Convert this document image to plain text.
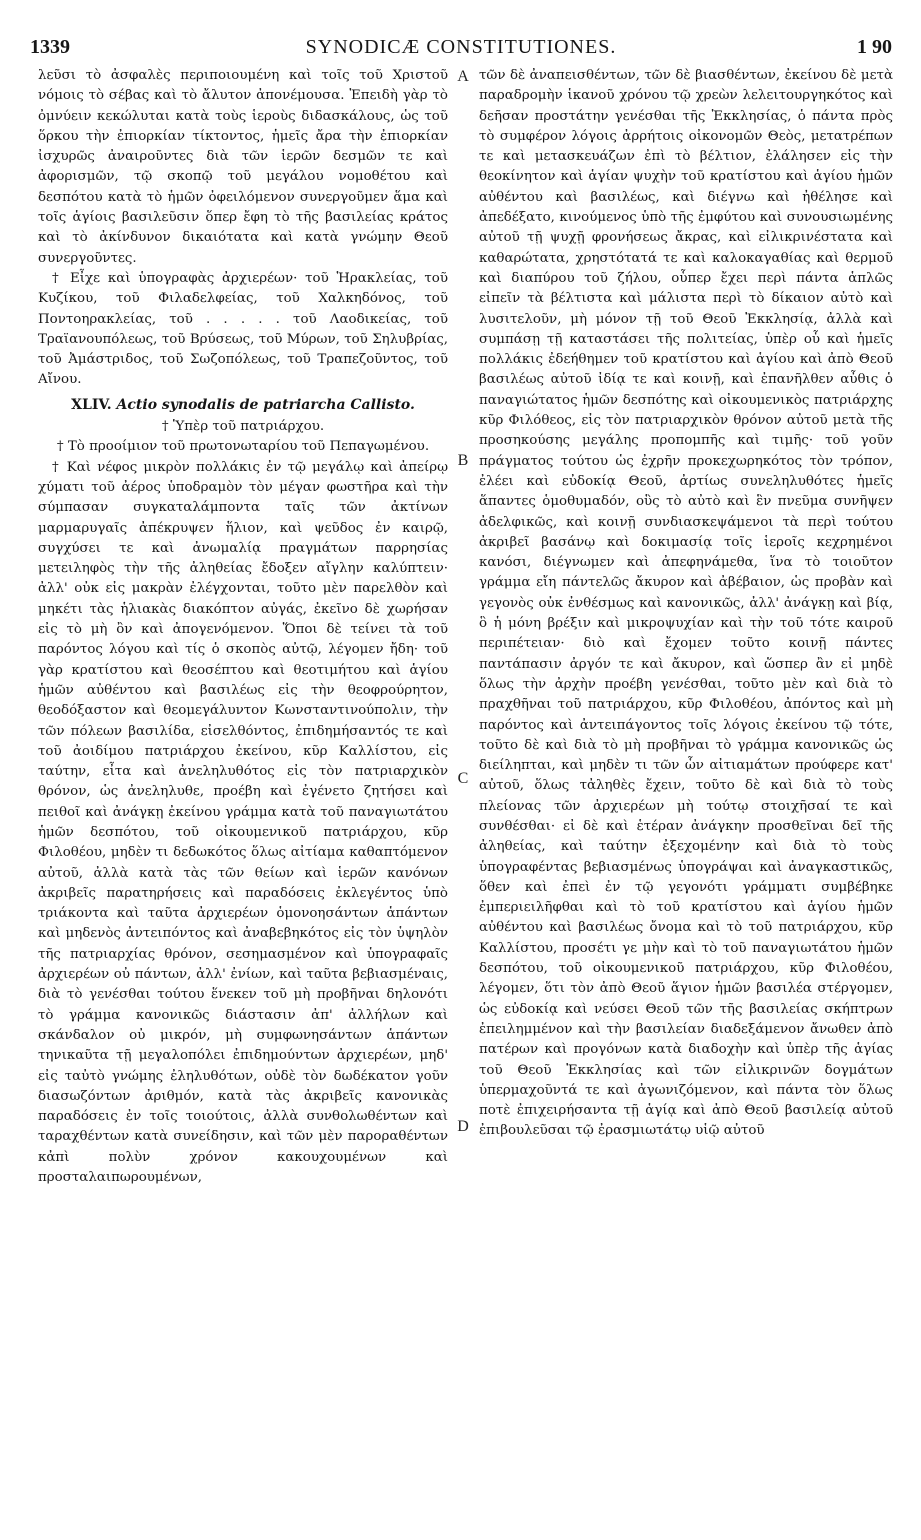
1339	SYNODICÆ CONSTITUTIONES.	1 90

λεῦσι τὸ ἀσφαλὲς περιποιουμένη καὶ τοῖς τοῦ Χριστοῦ νόμοις τὸ σέβας καὶ τὸ ἄλυτον ἀπονέμουσα. Ἐπειδὴ γὰρ τὸ ὀμνύειν κεκώλυται κατὰ τοὺς ἱεροὺς διδασκάλους, ὡς τοῦ ὅρκου τὴν ἐπιορκίαν τίκτοντος, ἡμεῖς ἄρα τὴν ἐπιορκίαν ἰσχυρῶς ἀναιροῦντες διὰ τῶν ἱερῶν δεσμῶν τε καὶ ἀφορισμῶν, τῷ σκοπῷ τοῦ μεγάλου νομοθέτου καὶ δεσπότου κατὰ τὸ ἡμῶν ὀφειλόμενον συνεργοῦμεν ἅμα καὶ τοῖς ἁγίοις βασιλεῦσιν ὅπερ ἔφη τὸ τῆς βασιλείας κράτος καὶ τὸ ἀκίνδυνον δικαιότατα καὶ κατὰ γνώμην Θεοῦ συνεργοῦντες.

† Εἶχε καὶ ὑπογραφὰς ἀρχιερέων· τοῦ Ἡρακλείας, τοῦ Κυζίκου, τοῦ Φιλαδελφείας, τοῦ Χαλκηδόνος, τοῦ Ποντοηρακλείας, τοῦ . . . . . τοῦ Λαοδικείας, τοῦ Τραϊανουπόλεως, τοῦ Βρύσεως, τοῦ Μύρων, τοῦ Σηλυβρίας, τοῦ Ἀμάστριδος, τοῦ Σωζοπόλεως, τοῦ Τραπεζοῦντος, τοῦ Αἴνου.

XLIV. Actio synodalis de patriarcha Callisto.
† Ὑπὲρ τοῦ πατριάρχου.
† Τὸ προοίμιον τοῦ πρωτονωταρίου τοῦ Πεπαγωμένου.

† Καὶ νέφος μικρὸν πολλάκις ἐν τῷ μεγάλῳ καὶ ἀπείρῳ χύματι τοῦ ἀέρος ὑποδραμὸν τὸν μέγαν φωστῆρα καὶ τὴν σύμπασαν συγκαταλάμποντα ταῖς τῶν ἀκτίνων μαρμαρυγαῖς ἀπέκρυψεν ἥλιον, καὶ ψεῦδος ἐν καιρῷ, συγχύσει τε καὶ ἀνωμαλίᾳ πραγμάτων παρρησίας μετειληφὸς τὴν τῆς ἀληθείας ἔδοξεν αἴγλην καλύπτειν· ἀλλ' οὐκ εἰς μακρὰν ἐλέγχονται, τοῦτο μὲν παρελθὸν καὶ μηκέτι τὰς ἡλιακὰς διακόπτον αὐγάς, ἐκεῖνο δὲ χωρήσαν εἰς τὸ μὴ ὂν καὶ ἀπογενόμενον. Ὅποι δὲ τείνει τὰ τοῦ παρόντος λόγου καὶ τίς ὁ σκοπὸς αὐτῷ, λέγομεν ἤδη· τοῦ γὰρ κρατίστου καὶ θεοσέπτου καὶ θεοτιμήτου καὶ ἁγίου ἡμῶν αὐθέντου καὶ βασιλέως εἰς τὴν θεοφρούρητον, θεοδόξαστον καὶ θεομεγάλυντον Κωνσταντινούπολιν, τὴν τῶν πόλεων βασιλίδα, εἰσελθόντος, ἐπιδημήσαντός τε καὶ τοῦ ἀοιδίμου πατριάρχου ἐκείνου, κῦρ Καλλίστου, εἰς ταύτην, εἶτα καὶ ἀνεληλυθότος εἰς τὸν πατριαρχικὸν θρόνον, ὡς ἀνεληλυθε, προέβη καὶ ἐγένετο ζητήσει καὶ πειθοῖ καὶ ἀνάγκῃ ἐκείνου γράμμα κατὰ τοῦ παναγιωτάτου ἡμῶν δεσπότου, τοῦ οἰκουμενικοῦ πατριάρχου, κῦρ Φιλοθέου, μηδὲν τι δεδωκότος ὅλως αἰτίαμα καθαπτόμενον αὐτοῦ, ἀλλὰ κατὰ τὰς τῶν θείων καὶ ἱερῶν κανόνων ἀκριβεῖς παρατηρήσεις καὶ παραδόσεις ἐκλεγέντος ὑπὸ τριάκοντα καὶ ταῦτα ἀρχιερέων ὁμονοησάντων ἁπάντων καὶ μηδενὸς ἀντειπόντος καὶ ἀναβεβηκότος εἰς τὸν ὑψηλὸν τῆς πατριαρχίας θρόνον, σεσημασμένον καὶ ὑπογραφαῖς ἀρχιερέων οὐ πάντων, ἀλλ' ἐνίων, καὶ ταῦτα βεβιασμέναις, διὰ τὸ γενέσθαι τούτου ἕνεκεν τοῦ μὴ προβῆναι δηλονότι τὸ γράμμα κανονικῶς διάστασιν ἀπ' ἀλλήλων καὶ σκάνδαλον οὐ μικρόν, μὴ συμφωνησάντων ἁπάντων τηνικαῦτα τῇ μεγαλοπόλει ἐπιδημούντων ἀρχιερέων, μηδ' εἰς ταὐτὸ γνώμης ἐληλυθότων, οὐδὲ τὸν δωδέκατον γοῦν διασωζόντων ἀριθμόν, κατὰ τὰς ἀκριβεῖς κανονικὰς παραδόσεις ἐν τοῖς τοιούτοις, ἀλλὰ συνθολωθέντων καὶ ταραχθέντων κατὰ συνείδησιν, καὶ τῶν μὲν παροραθέντων κἀπὶ πολὺν χρόνον κακουχουμένων καὶ προσταλαιπωρουμένων,

A
B
C
D

τῶν δὲ ἀναπεισθέντων, τῶν δὲ βιασθέντων, ἐκείνου δὲ μετὰ παραδρομὴν ἱκανοῦ χρόνου τῷ χρεὼν λελειτουργηκότος καὶ δεῆσαν προστάτην γενέσθαι τῆς Ἐκκλησίας, ὁ πάντα πρὸς τὸ συμφέρον λόγοις ἀρρήτοις οἰκονομῶν Θεὸς, μετατρέπων τε καὶ μετασκευάζων ἐπὶ τὸ βέλτιον, ἐλάλησεν εἰς τὴν θεοκίνητον καὶ ἁγίαν ψυχὴν τοῦ κρατίστου καὶ ἁγίου ἡμῶν αὐθέντου καὶ βασιλέως, καὶ διέγνω καὶ ἠθέλησε καὶ ἀπεδέξατο, κινούμενος ὑπὸ τῆς ἐμφύτου καὶ συνουσιωμένης αὐτοῦ τῇ ψυχῇ φρονήσεως ἄκρας, καὶ εἰλικρινέστατα καὶ καθαρώτατα, χρηστότατά τε καὶ καλοκαγαθίας καὶ θερμοῦ καὶ διαπύρου τοῦ ζήλου, οὗπερ ἔχει περὶ πάντα ἁπλῶς εἰπεῖν τὰ βέλτιστα καὶ μάλιστα περὶ τὸ δίκαιον αὐτὸ καὶ λυσιτελοῦν, μὴ μόνον τῇ τοῦ Θεοῦ Ἐκκλησίᾳ, ἀλλὰ καὶ συμπάσῃ τῇ καταστάσει τῆς πολιτείας, ὑπὲρ οὗ καὶ ἡμεῖς πολλάκις ἐδεήθημεν τοῦ κρατίστου καὶ ἁγίου καὶ ἀπὸ Θεοῦ βασιλέως αὐτοῦ ἰδίᾳ τε καὶ κοινῇ, καὶ ἐπανῆλθεν αὖθις ὁ παναγιώτατος ἡμῶν δεσπότης καὶ οἰκουμενικὸς πατριάρχης κῦρ Φιλόθεος, εἰς τὸν πατριαρχικὸν θρόνον αὐτοῦ μετὰ τῆς προσηκούσης μεγάλης προπομπῆς καὶ τιμῆς· τοῦ γοῦν πράγματος τούτου ὡς ἐχρῆν προκεχωρηκότος τὸν τρόπον, ἐλέει καὶ εὐδοκίᾳ Θεοῦ, ἀρτίως συνεληλυθότες ἡμεῖς ἅπαντες ὁμοθυμαδόν, οὓς τὸ αὐτὸ καὶ ἓν πνεῦμα συνῆψεν ἀδελφικῶς, καὶ κοινῇ συνδιασκεψάμενοι τὰ περὶ τούτου ἀκριβεῖ βασάνῳ καὶ δοκιμασίᾳ τοῖς ἱεροῖς κεχρημένοι κανόσι, διέγνωμεν καὶ ἀπεφηνάμεθα, ἵνα τὸ τοιοῦτον γράμμα εἴη πάντελῶς ἄκυρον καὶ ἀβέβαιον, ὡς προβὰν καὶ γεγονὸς οὐκ ἐνθέσμως καὶ κανονικῶς, ἀλλ' ἀνάγκῃ καὶ βίᾳ, ὃ ἡ μόνη βρέξιν καὶ μικροψυχίαν καὶ τὴν τοῦ τότε καιροῦ περιπέτειαν· διὸ καὶ ἔχομεν τοῦτο κοινῇ πάντες παντάπασιν ἀργόν τε καὶ ἄκυρον, καὶ ὥσπερ ἂν εἰ μηδὲ ὅλως τὴν ἀρχὴν προέβη γενέσθαι, τοῦτο μὲν καὶ διὰ τὸ πραχθῆναι τοῦ πατριάρχου, κῦρ Φιλοθέου, ἀπόντος καὶ μὴ παρόντος καὶ ἀντειπάγοντος τοῖς λόγοις ἐκείνου τῷ τότε, τοῦτο δὲ καὶ διὰ τὸ μὴ προβῆναι τὸ γράμμα κανονικῶς ὡς διείληπται, καὶ μηδὲν τι τῶν ὧν αἰτιαμάτων προύφερε κατ' αὐτοῦ, ὅλως τἀληθὲς ἔχειν, τοῦτο δὲ καὶ διὰ τὸ τοὺς πλείονας τῶν ἀρχιερέων μὴ τούτῳ στοιχῆσαί τε καὶ συνθέσθαι· εἰ δὲ καὶ ἑτέραν ἀνάγκην προσθεῖναι δεῖ τῆς ἀληθείας, καὶ ταύτην ἐξεχομένην καὶ διὰ τὸ τοὺς ὑπογραφέντας βεβιασμένως ὑπογράψαι καὶ ἀναγκαστικῶς, ὅθεν καὶ ἐπεὶ ἐν τῷ γεγονότι γράμματι συμβέβηκε ἐμπεριειλῆφθαι καὶ τὸ τοῦ κρατίστου καὶ ἁγίου ἡμῶν αὐθέντου καὶ βασιλέως ὄνομα καὶ τὸ τοῦ πατριάρχου, κῦρ Καλλίστου, προσέτι γε μὴν καὶ τὸ τοῦ παναγιωτάτου ἡμῶν δεσπότου, τοῦ οἰκουμενικοῦ πατριάρχου, κῦρ Φιλοθέου, λέγομεν, ὅτι τὸν ἀπὸ Θεοῦ ἅγιον ἡμῶν βασιλέα στέργομεν, ὡς εὐδοκίᾳ καὶ νεύσει Θεοῦ τῶν τῆς βασιλείας σκήπτρων ἐπειλημμένον καὶ τὴν βασιλείαν διαδεξάμενον ἄνωθεν ἀπὸ πατέρων καὶ προγόνων κατὰ διαδοχὴν καὶ ὑπὲρ τῆς ἁγίας τοῦ Θεοῦ Ἐκκλησίας καὶ τῶν εἰλικρινῶν δογμάτων ὑπερμαχοῦντά τε καὶ ἀγωνιζόμενον, καὶ πάντα τὸν ὅλως ποτὲ ἐπιχειρήσαντα τῇ ἁγίᾳ καὶ ἀπὸ Θεοῦ βασιλείᾳ αὐτοῦ ἐπιβουλεῦσαι τῷ ἐρασμιωτάτῳ υἱῷ αὐτοῦ
